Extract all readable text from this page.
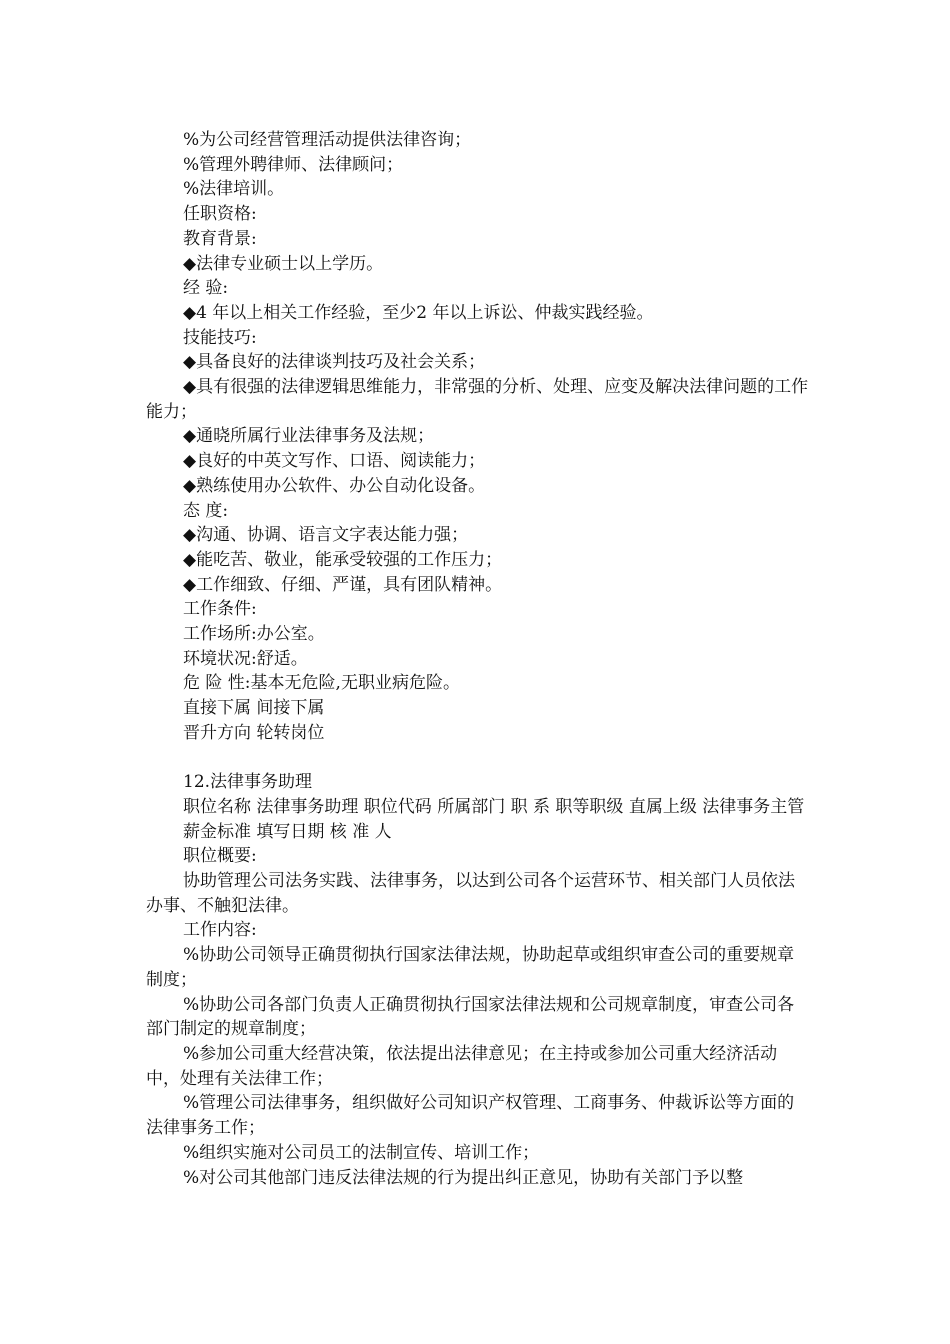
%为公司经营管理活动提供法律咨询；
%管理外聘律师、法律顾问；
%法律培训。
任职资格:
教育背景:
◆法律专业硕士以上学历。
经 验:
◆4 年以上相关工作经验，至少2 年以上诉讼、仲裁实践经验。
技能技巧:
◆具备良好的法律谈判技巧及社会关系；
◆具有很强的法律逻辑思维能力，非常强的分析、处理、应变及解决法律问题的工作能力；
◆通晓所属行业法律事务及法规；
◆良好的中英文写作、口语、阅读能力；
◆熟练使用办公软件、办公自动化设备。
态 度:
◆沟通、协调、语言文字表达能力强；
◆能吃苦、敬业，能承受较强的工作压力；
◆工作细致、仔细、严谨，具有团队精神。
工作条件:
工作场所:办公室。
环境状况:舒适。
危 险 性:基本无危险,无职业病危险。
直接下属 间接下属
晋升方向 轮转岗位
12.法律事务助理
职位名称 法律事务助理 职位代码 所属部门 职 系 职等职级 直属上级 法律事务主管
薪金标准 填写日期 核 准 人
职位概要:
协助管理公司法务实践、法律事务，以达到公司各个运营环节、相关部门人员依法办事、不触犯法律。
工作内容:
%协助公司领导正确贯彻执行国家法律法规，协助起草或组织审查公司的重要规章制度；
%协助公司各部门负责人正确贯彻执行国家法律法规和公司规章制度，审查公司各部门制定的规章制度；
%参加公司重大经营决策，依法提出法律意见；在主持或参加公司重大经济活动中，处理有关法律工作；
%管理公司法律事务，组织做好公司知识产权管理、工商事务、仲裁诉讼等方面的法律事务工作；
%组织实施对公司员工的法制宣传、培训工作；
%对公司其他部门违反法律法规的行为提出纠正意见，协助有关部门予以整
